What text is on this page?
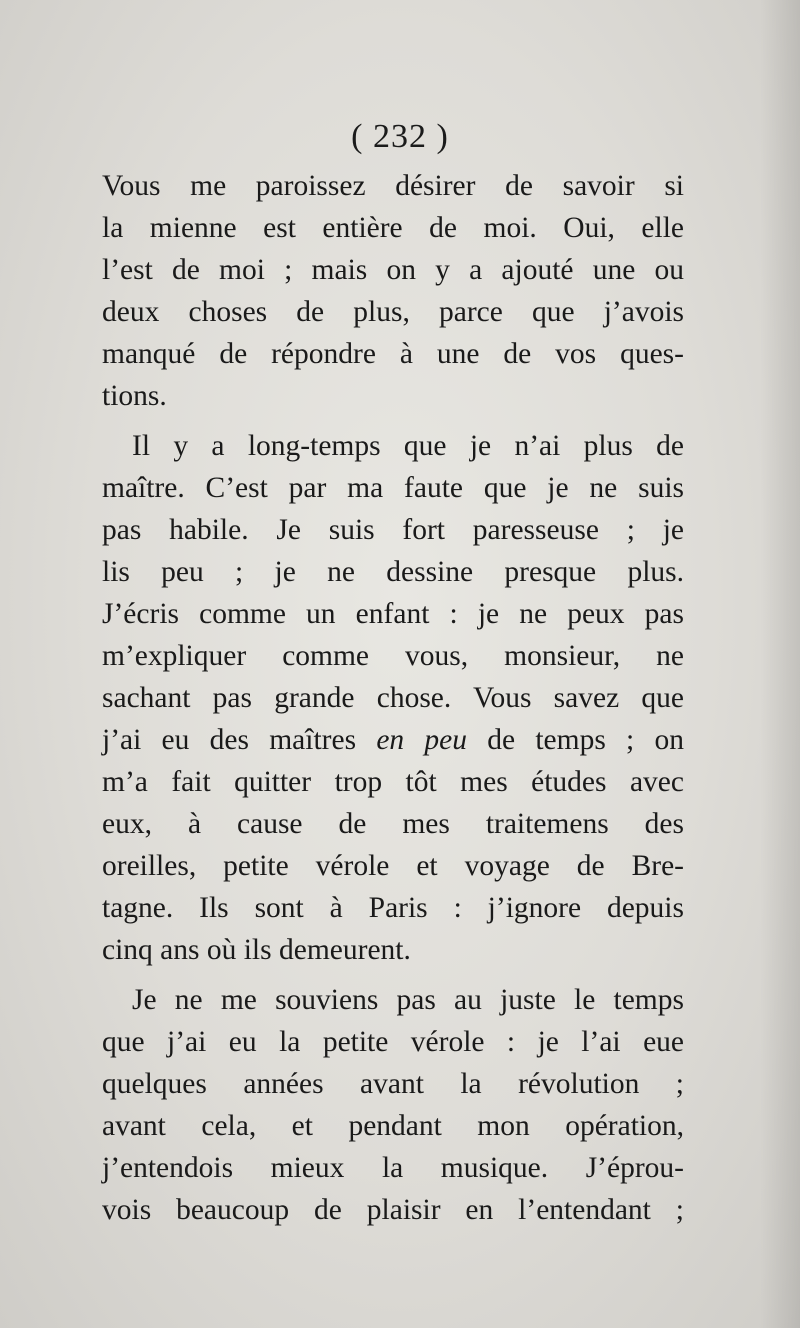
( 232 )

Vous me paroissez désirer de savoir si
la mienne est entière de moi. Oui, elle
l’est de moi ; mais on y a ajouté une ou
deux choses de plus, parce que j’avois
manqué de répondre à une de vos ques-
tions.

Il y a long-temps que je n’ai plus de
maître. C’est par ma faute que je ne suis
pas habile. Je suis fort paresseuse ; je
lis peu ; je ne dessine presque plus.
J’écris comme un enfant : je ne peux pas
m’expliquer comme vous, monsieur, ne
sachant pas grande chose. Vous savez que
j’ai eu des maîtres en peu de temps ; on
m’a fait quitter trop tôt mes études avec
eux, à cause de mes traitemens des
oreilles, petite vérole et voyage de Bre-
tagne. Ils sont à Paris : j’ignore depuis
cinq ans où ils demeurent.

Je ne me souviens pas au juste le temps
que j’ai eu la petite vérole : je l’ai eue
quelques années avant la révolution ;
avant cela, et pendant mon opération,
j’entendois mieux la musique. J’éprou-
vois beaucoup de plaisir en l’entendant ;
